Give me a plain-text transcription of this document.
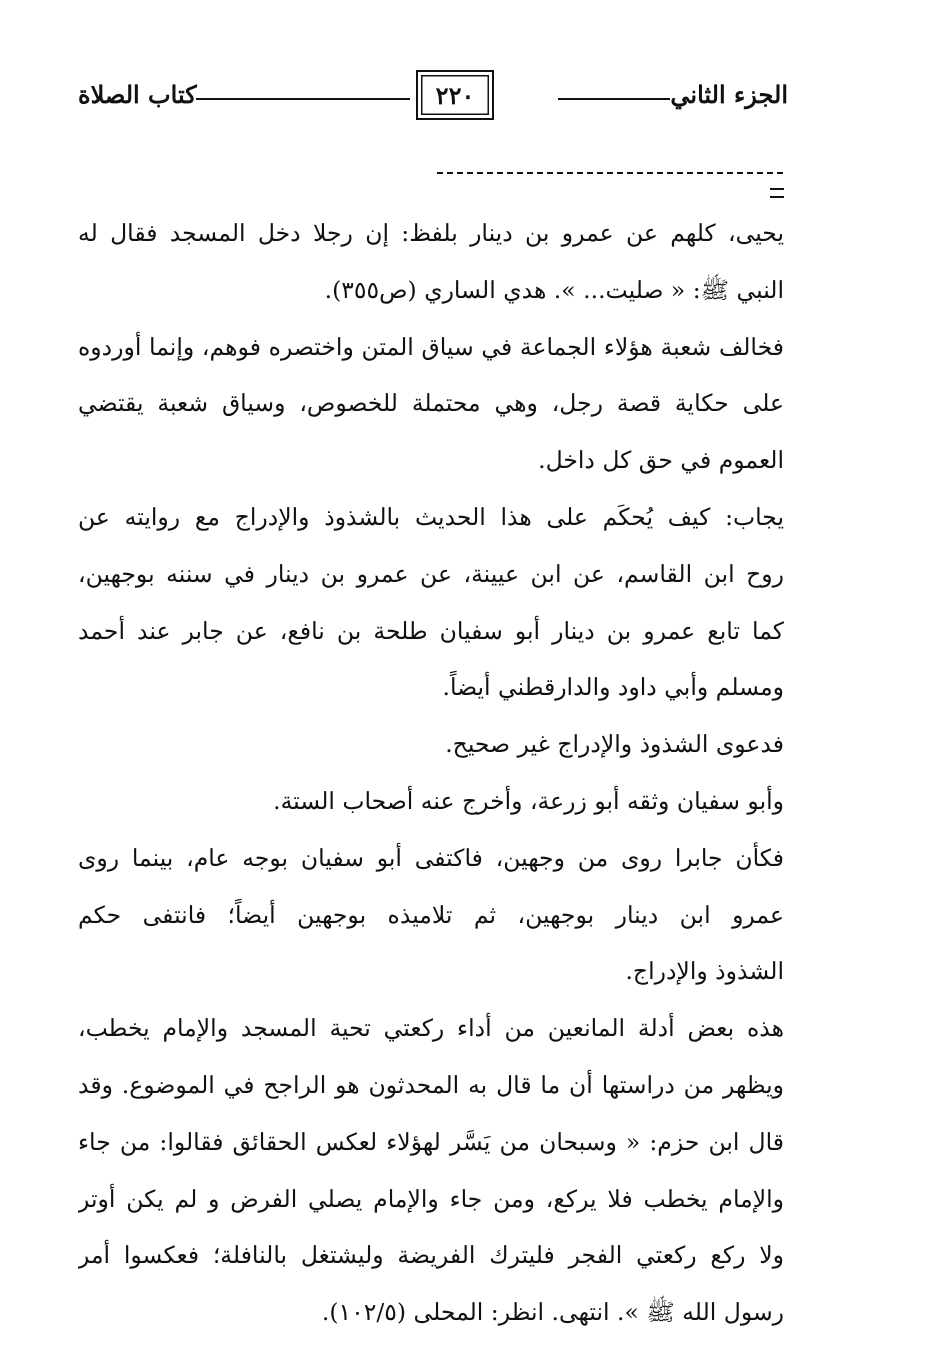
الجزء الثاني
٢٢٠
كتاب الصلاة
يحيى، كلهم عن عمرو بن دينار بلفظ: إن رجلا دخل المسجد فقال له
النبي ﷺ: « صليت... ». هدي الساري (ص٣٥٥).
فخالف شعبة هؤلاء الجماعة في سياق المتن واختصره فوهم، وإنما أوردوه
على حكاية قصة رجل، وهي محتملة للخصوص، وسياق شعبة يقتضي
العموم في حق كل داخل.
يجاب: كيف يُحكَم على هذا الحديث بالشذوذ والإدراج مع روايته عن
روح ابن القاسم، عن ابن عيينة، عن عمرو بن دينار في سننه بوجهين،
كما تابع عمرو بن دينار أبو سفيان طلحة بن نافع، عن جابر عند أحمد
ومسلم وأبي داود والدارقطني أيضاً.
فدعوى الشذوذ والإدراج غير صحيح.
وأبو سفيان وثقه أبو زرعة، وأخرج عنه أصحاب الستة.
فكأن جابرا روى من وجهين، فاكتفى أبو سفيان بوجه عام، بينما روى
عمرو ابن دينار بوجهين، ثم تلاميذه بوجهين أيضاً؛ فانتفى حكم
الشذوذ والإدراج.
هذه بعض أدلة المانعين من أداء ركعتي تحية المسجد والإمام يخطب،
ويظهر من دراستها أن ما قال به المحدثون هو الراجح في الموضوع. وقد
قال ابن حزم: « وسبحان من يَسَّر لهؤلاء لعكس الحقائق فقالوا: من جاء
والإمام يخطب فلا يركع، ومن جاء والإمام يصلي الفرض و لم يكن أوتر
ولا ركع ركعتي الفجر فليترك الفريضة وليشتغل بالنافلة؛ فعكسوا أمر
رسول الله ﷺ ». انتهى. انظر: المحلى (١٠٢/٥).
